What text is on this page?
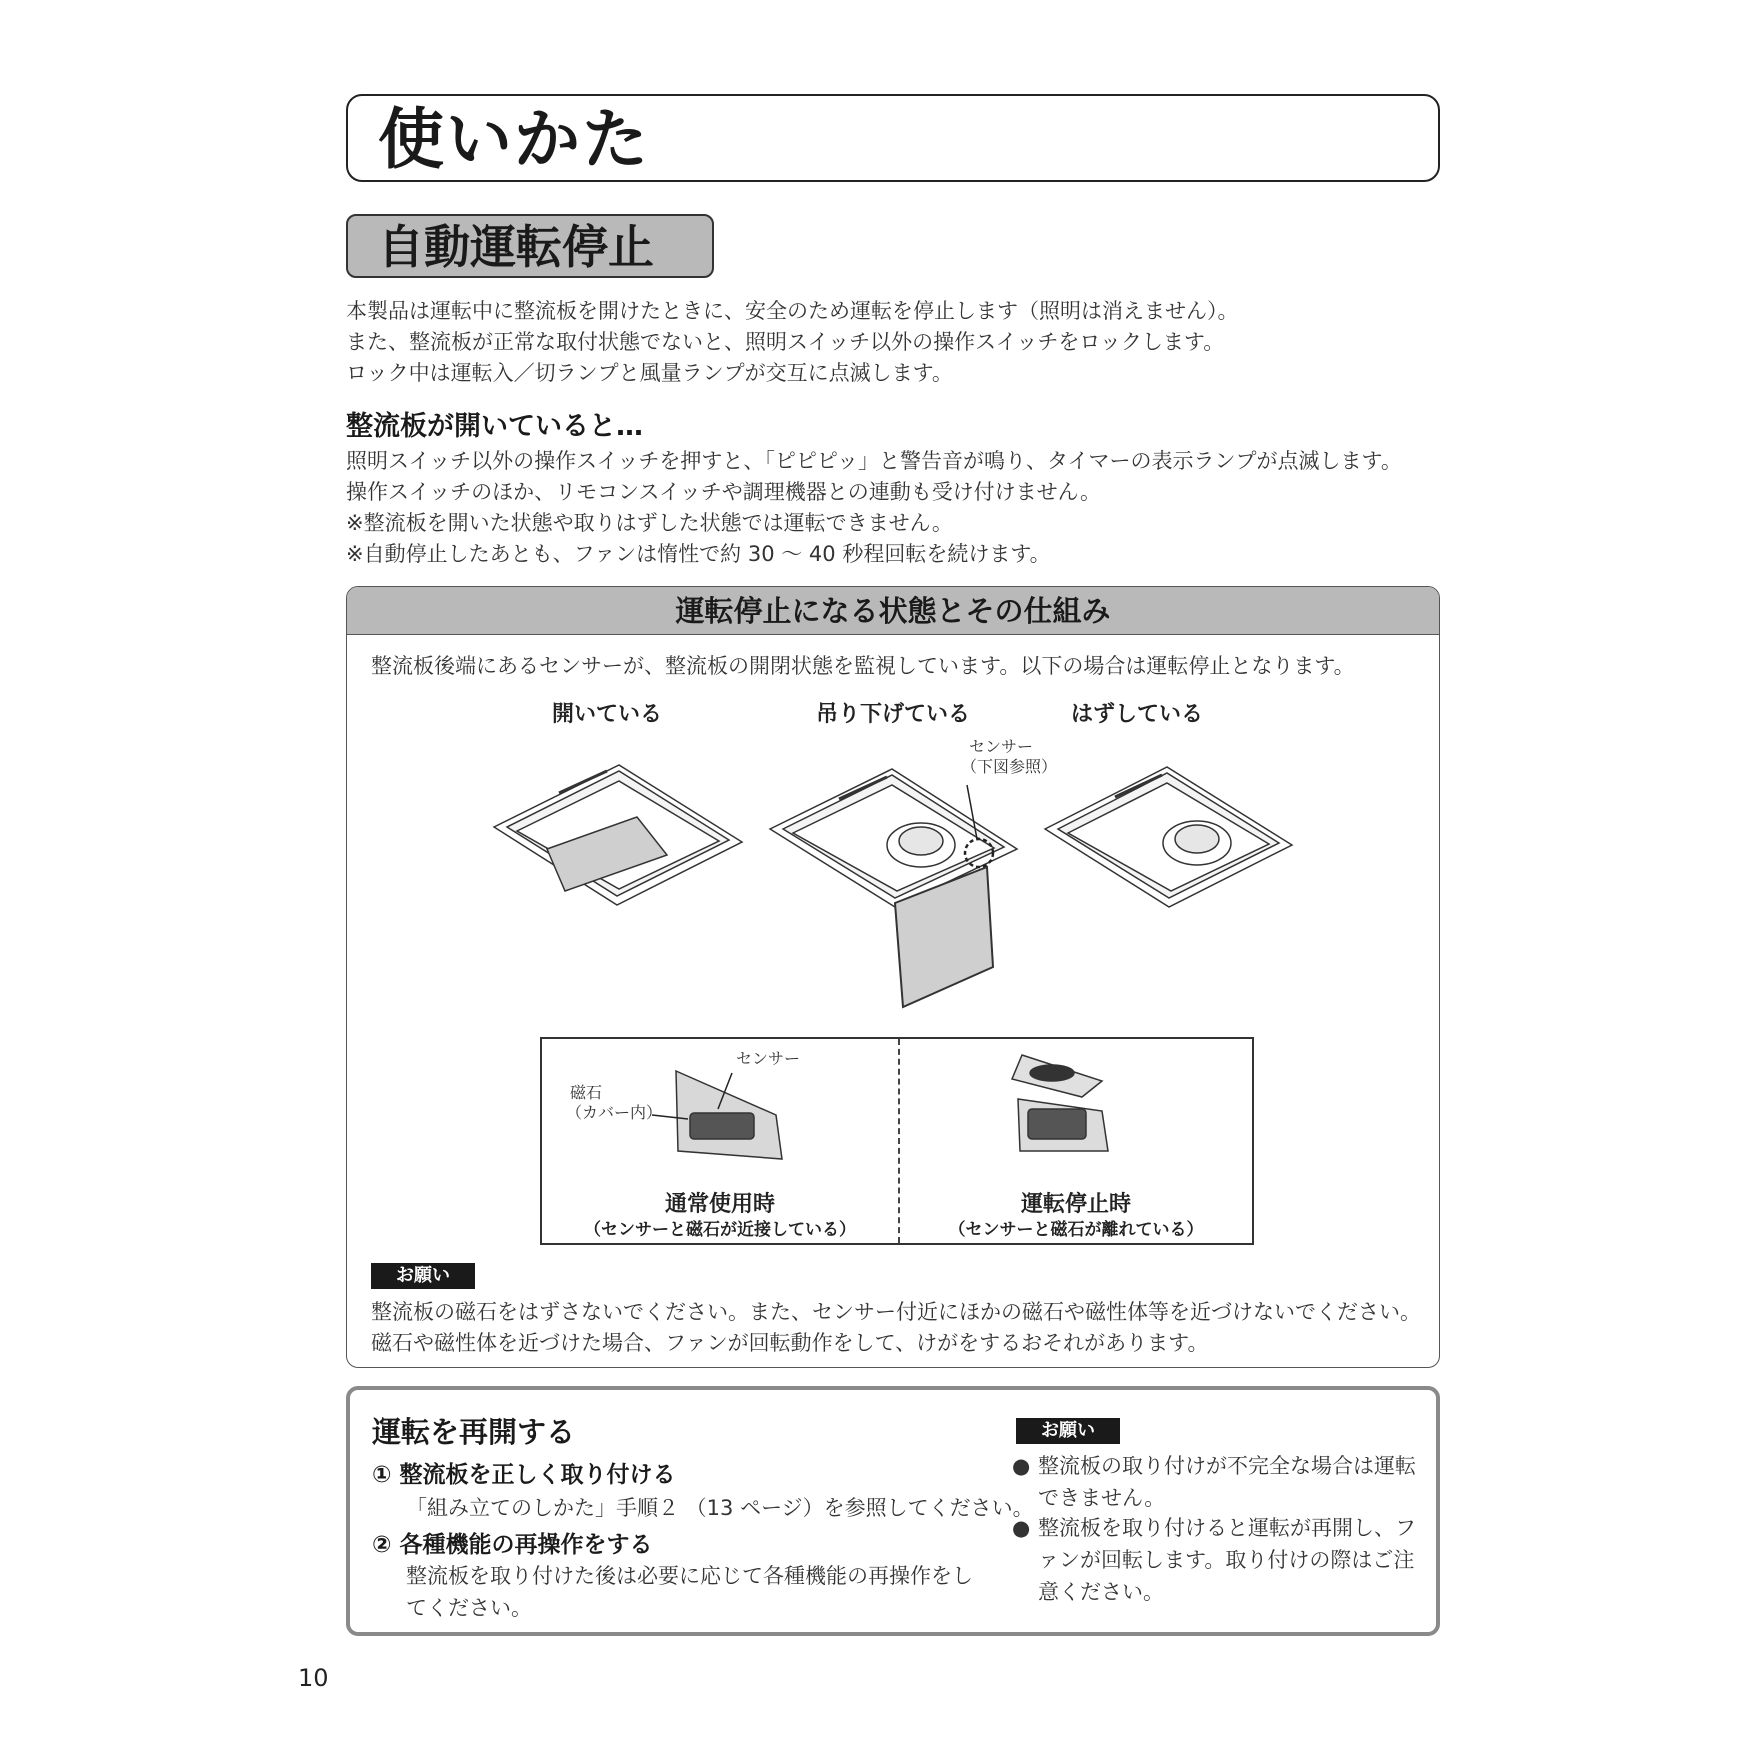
使いかた
自動運転停止
本製品は運転中に整流板を開けたときに、安全のため運転を停止します（照明は消えません）。
また、整流板が正常な取付状態でないと、照明スイッチ以外の操作スイッチをロックします。
ロック中は運転入／切ランプと風量ランプが交互に点滅します。
整流板が開いていると…
照明スイッチ以外の操作スイッチを押すと、「ピピピッ」と警告音が鳴り、タイマーの表示ランプが点滅します。
操作スイッチのほか、リモコンスイッチや調理機器との連動も受け付けません。
※整流板を開いた状態や取りはずした状態では運転できません。
※自動停止したあとも、ファンは惰性で約 30 ～ 40 秒程回転を続けます。
運転停止になる状態とその仕組み
整流板後端にあるセンサーが、整流板の開閉状態を監視しています。以下の場合は運転停止となります。
開いている	吊り下げている	はずしている
センサー
（下図参照）
センサー
磁石
（カバー内）
通常使用時
（センサーと磁石が近接している）
運転停止時
（センサーと磁石が離れている）
お願い
整流板の磁石をはずさないでください。また、センサー付近にほかの磁石や磁性体等を近づけないでください。
磁石や磁性体を近づけた場合、ファンが回転動作をして、けがをするおそれがあります。
運転を再開する
① 整流板を正しく取り付ける
「組み立てのしかた」手順２ （13 ページ）を参照してください。
② 各種機能の再操作をする
整流板を取り付けた後は必要に応じて各種機能の再操作をしてください。
お願い
● 整流板の取り付けが不完全な場合は運転できません。
● 整流板を取り付けると運転が再開し、ファンが回転します。取り付けの際はご注意ください。
10
